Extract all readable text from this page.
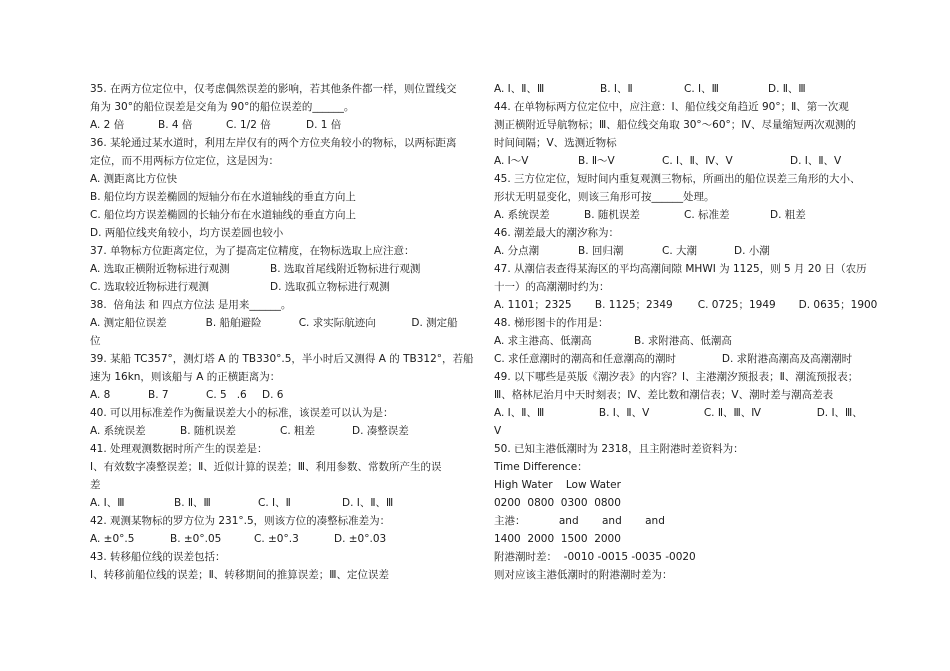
35. 在两方位定位中，仅考虑偶然误差的影响，若其他条件都一样，则位置线交
角为 30°的船位误差是交角为 90°的船位误差的______。
A. 2 倍	B. 4 倍	C. 1/2 倍	D. 1 倍
36. 某轮通过某水道时，利用左岸仅有的两个方位夹角较小的物标，以两标距离
定位，而不用两标方位定位，这是因为：
A. 测距离比方位快
B. 船位均方误差椭圆的短轴分布在水道轴线的垂直方向上
C. 船位均方误差椭圆的长轴分布在水道轴线的垂直方向上
D. 两船位线夹角较小，均方误差圆也较小
37. 单物标方位距离定位，为了提高定位精度，在物标选取上应注意：
A. 选取正横附近物标进行观测	B. 选取首尾线附近物标进行观测
C. 选取较近物标进行观测	D. 选取孤立物标进行观测
38.  倍角法 和 四点方位法 是用来______。
A. 测定船位误差	B. 船舶避险	C. 求实际航迹向	D. 测定船
位
39. 某船 TC357°，测灯塔 A 的 TB330°.5，半小时后又测得 A 的 TB312°，若船
速为 16kn，则该船与 A 的正横距离为：
A. 8	B. 7	C. 5   .6	D. 6
40. 可以用标准差作为衡量误差大小的标准，该误差可以认为是：
A. 系统误差	B. 随机误差	C. 粗差	D. 凑整误差
41. 处理观测数据时所产生的误差是：
Ⅰ、有效数字凑整误差；Ⅱ、近似计算的误差；Ⅲ、利用参数、常数所产生的误
差
A. Ⅰ、Ⅲ	B. Ⅱ、Ⅲ	C. Ⅰ、Ⅱ	D. Ⅰ、Ⅱ、Ⅲ
42. 观测某物标的罗方位为 231°.5，则该方位的凑整标准差为：
A. ±0°.5	B. ±0°.05	C. ±0°.3	D. ±0°.03
43. 转移船位线的误差包括：
Ⅰ、转移前船位线的误差；Ⅱ、转移期间的推算误差；Ⅲ、定位误差
A. Ⅰ、Ⅱ、Ⅲ	B. Ⅰ、Ⅱ	C. Ⅰ、Ⅲ	D. Ⅱ、Ⅲ
44. 在单物标两方位定位中，应注意：Ⅰ、船位线交角趋近 90°；Ⅱ、第一次观
测正横附近导航物标；Ⅲ、船位线交角取 30°～60°；Ⅳ、尽量缩短两次观测的
时间间隔；Ⅴ、选测近物标
A. Ⅰ～Ⅴ	B. Ⅱ～Ⅴ	C. Ⅰ、Ⅱ、Ⅳ、Ⅴ	D. Ⅰ、Ⅱ、Ⅴ
45. 三方位定位，短时间内重复观测三物标，所画出的船位误差三角形的大小、
形状无明显变化，则该三角形可按______处理。
A. 系统误差	B. 随机误差	C. 标准差	D. 粗差
46. 潮差最大的潮汐称为：
A. 分点潮	B. 回归潮	C. 大潮	D. 小潮
47. 从潮信表查得某海区的平均高潮间隙 MHWI 为 1125，则 5 月 20 日（农历
十一）的高潮潮时约为：
A. 1101；2325	B. 1125；2349	C. 0725；1949	D. 0635；1900
48. 梯形图卡的作用是：
A. 求主港高、低潮高	B. 求附港高、低潮高
C. 求任意潮时的潮高和任意潮高的潮时	D. 求附港高潮高及高潮潮时
49. 以下哪些是英版《潮汐表》的内容？Ⅰ、主港潮汐预报表；Ⅱ、潮流预报表；
Ⅲ、格林尼治月中天时刻表；Ⅳ、差比数和潮信表；Ⅴ、潮时差与潮高差表
A. Ⅰ、Ⅱ、Ⅲ	B. Ⅰ、Ⅱ、Ⅴ	C. Ⅱ、Ⅲ、Ⅳ	D. Ⅰ、Ⅲ、
Ⅴ
50. 已知主港低潮时为 2318，且主附港时差资料为：
Time Difference：
High Water    Low Water
0200  0800  0300  0800
主港：          and       and       and
1400  2000  1500  2000
附港潮时差：  -0010 -0015 -0035 -0020
则对应该主港低潮时的附港潮时差为：
